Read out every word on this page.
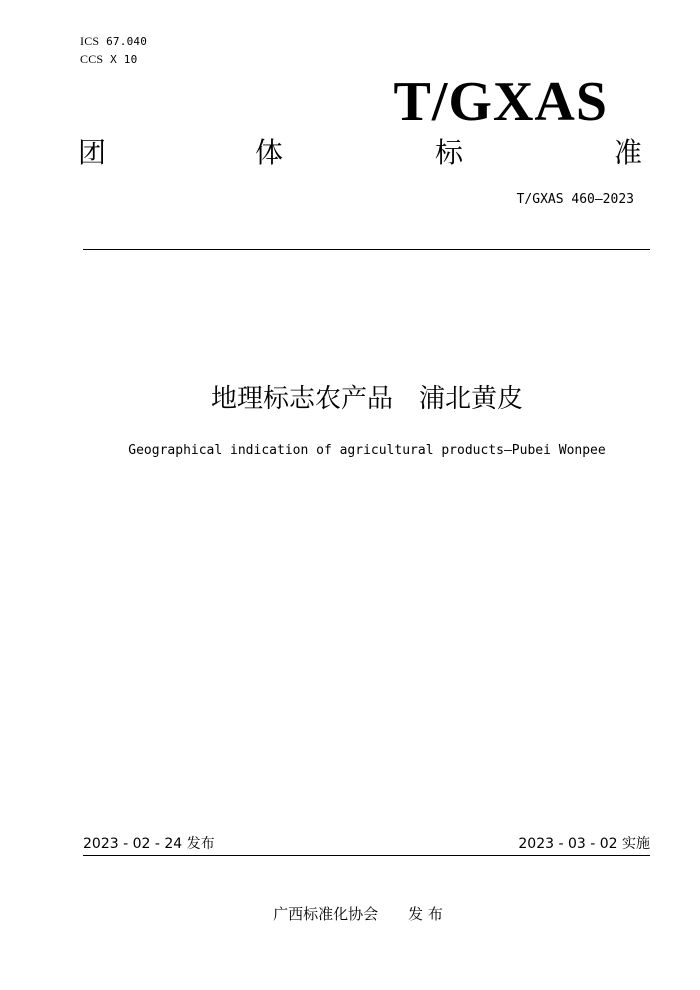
ICS 67.040
CCS X 10
T/GXAS
团	体	标	准
T/GXAS 460—2023
地理标志农产品　浦北黄皮
Geographical indication of agricultural products—Pubei Wonpee
2023 - 02 - 24 发布	2023 - 03 - 02 实施
广西标准化协会　　发 布
